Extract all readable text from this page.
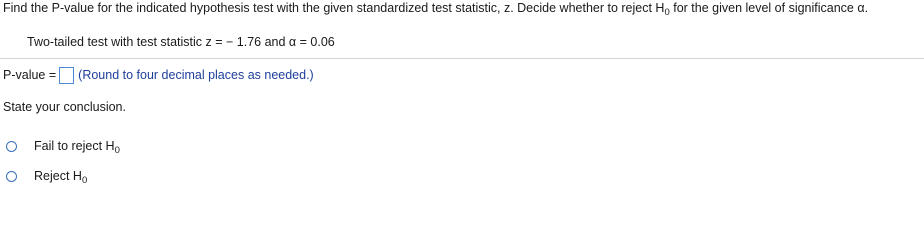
Find the P-value for the indicated hypothesis test with the given standardized test statistic, z. Decide whether to reject $H_0$ for the given level of significance α.
Two-tailed test with test statistic z = − 1.76 and α = 0.06
P-value = (Round to four decimal places as needed.)
State your conclusion.
Fail to reject $H_0$
Reject $H_0$
